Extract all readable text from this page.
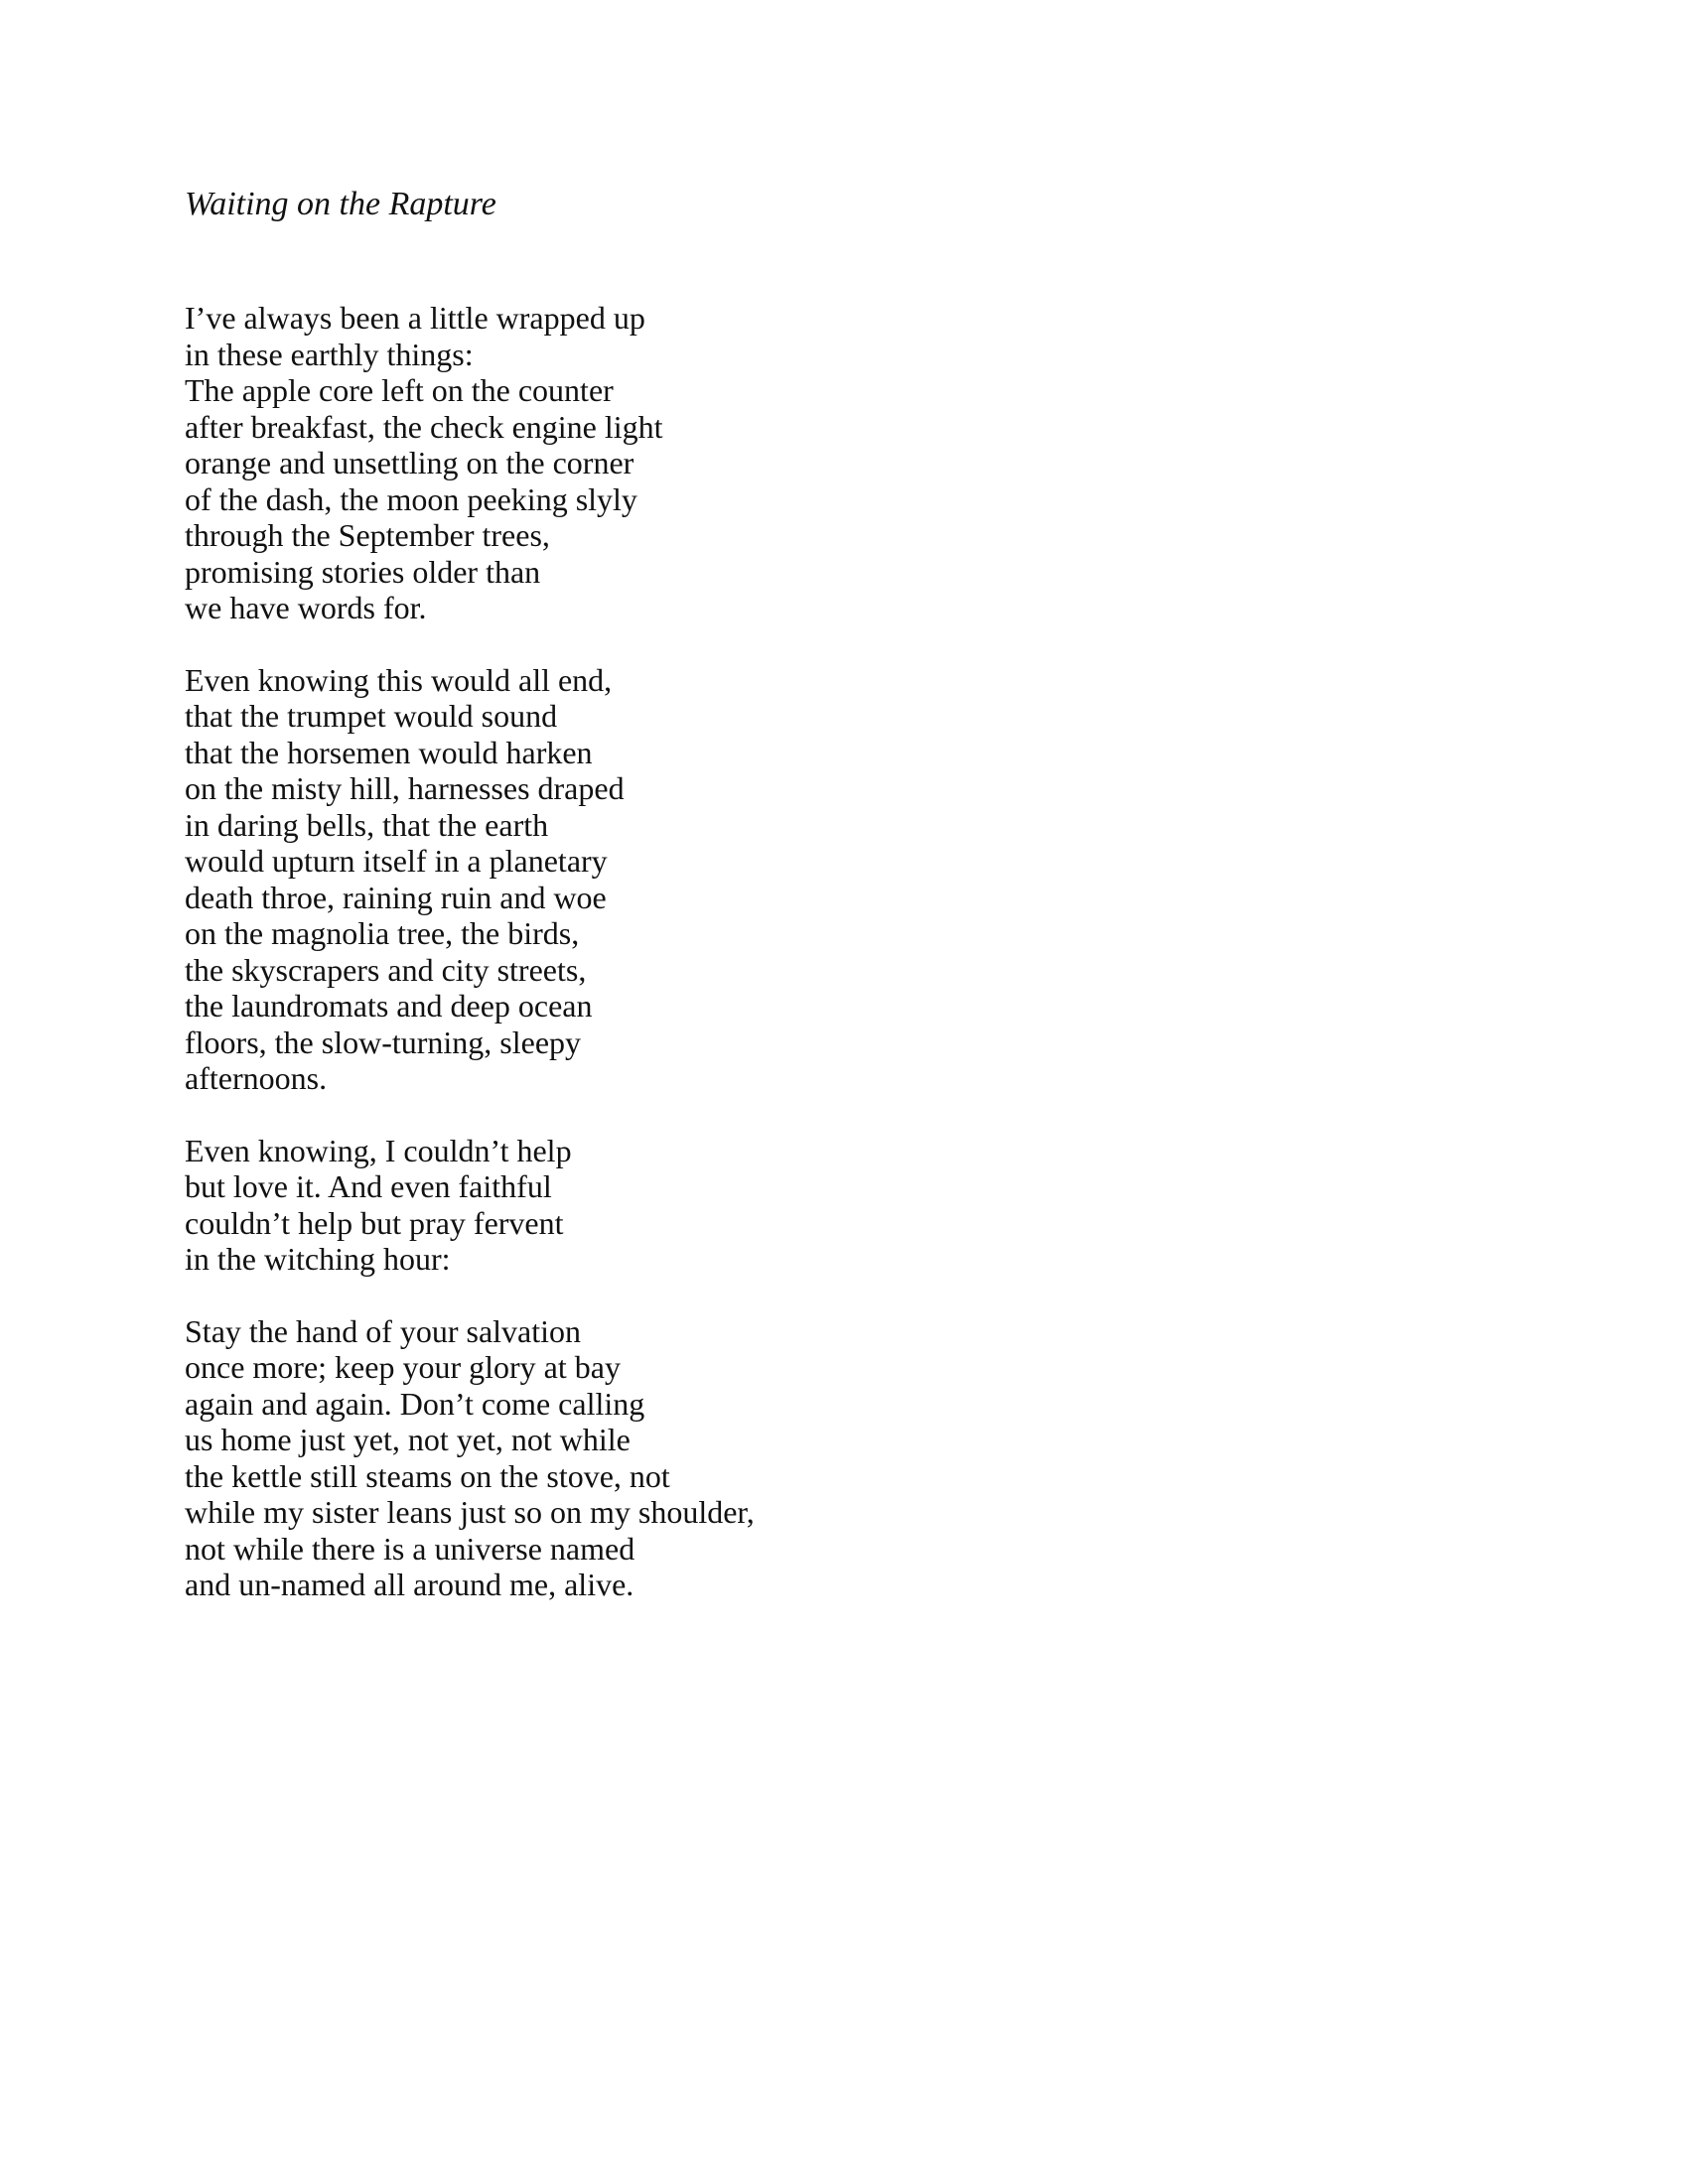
Waiting on the Rapture
I’ve always been a little wrapped up
in these earthly things:
The apple core left on the counter
after breakfast, the check engine light
orange and unsettling on the corner
of the dash, the moon peeking slyly
through the September trees,
promising stories older than
we have words for.
Even knowing this would all end,
that the trumpet would sound
that the horsemen would harken
on the misty hill, harnesses draped
in daring bells, that the earth
would upturn itself in a planetary
death throe, raining ruin and woe
on the magnolia tree, the birds,
the skyscrapers and city streets,
the laundromats and deep ocean
floors, the slow-turning, sleepy
afternoons.
Even knowing, I couldn’t help
but love it. And even faithful
couldn’t help but pray fervent
in the witching hour:
Stay the hand of your salvation
once more; keep your glory at bay
again and again. Don’t come calling
us home just yet, not yet, not while
the kettle still steams on the stove, not
while my sister leans just so on my shoulder,
not while there is a universe named
and un-named all around me, alive.
